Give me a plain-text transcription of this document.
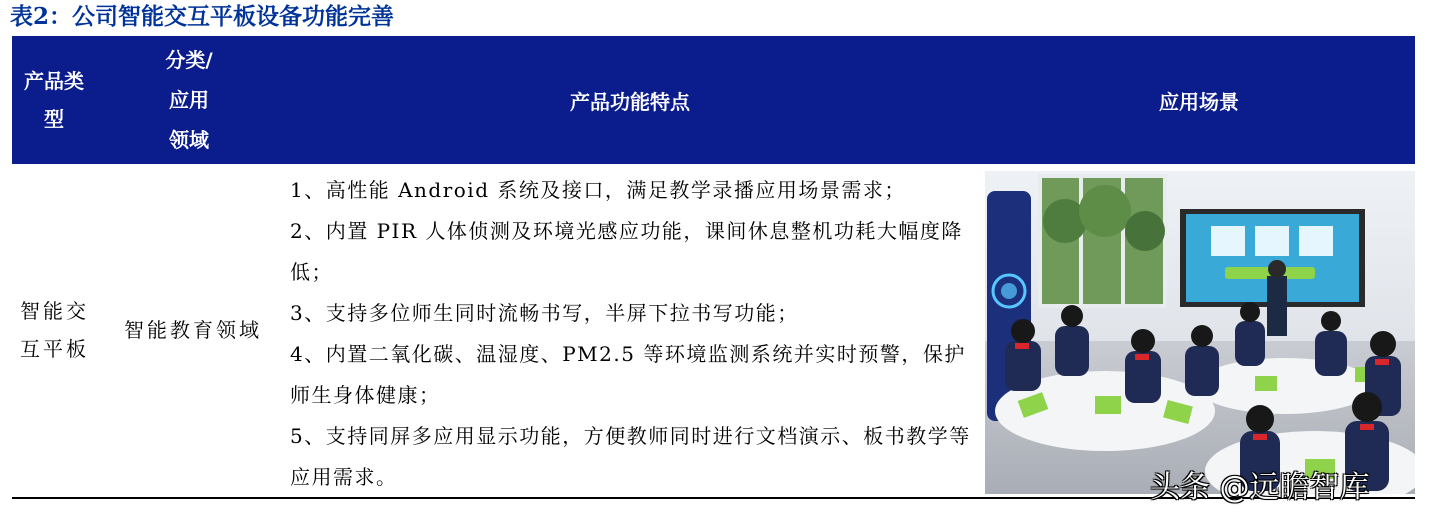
表2：公司智能交互平板设备功能完善
产品类
型
分类/
应用
领域
产品功能特点	应用场景
智能交
互平板
智能教育领域

1、高性能 Android 系统及接口，满足教学录播应用场景需求；

2、内置 PIR 人体侦测及环境光感应功能，课间休息整机功耗大幅度降低；

3、支持多位师生同时流畅书写，半屏下拉书写功能；

4、内置二氧化碳、温湿度、PM2.5 等环境监测系统并实时预警，保护师生身体健康；

5、支持同屏多应用显示功能，方便教师同时进行文档演示、板书教学等应用需求。	头条 @远瞻智库
